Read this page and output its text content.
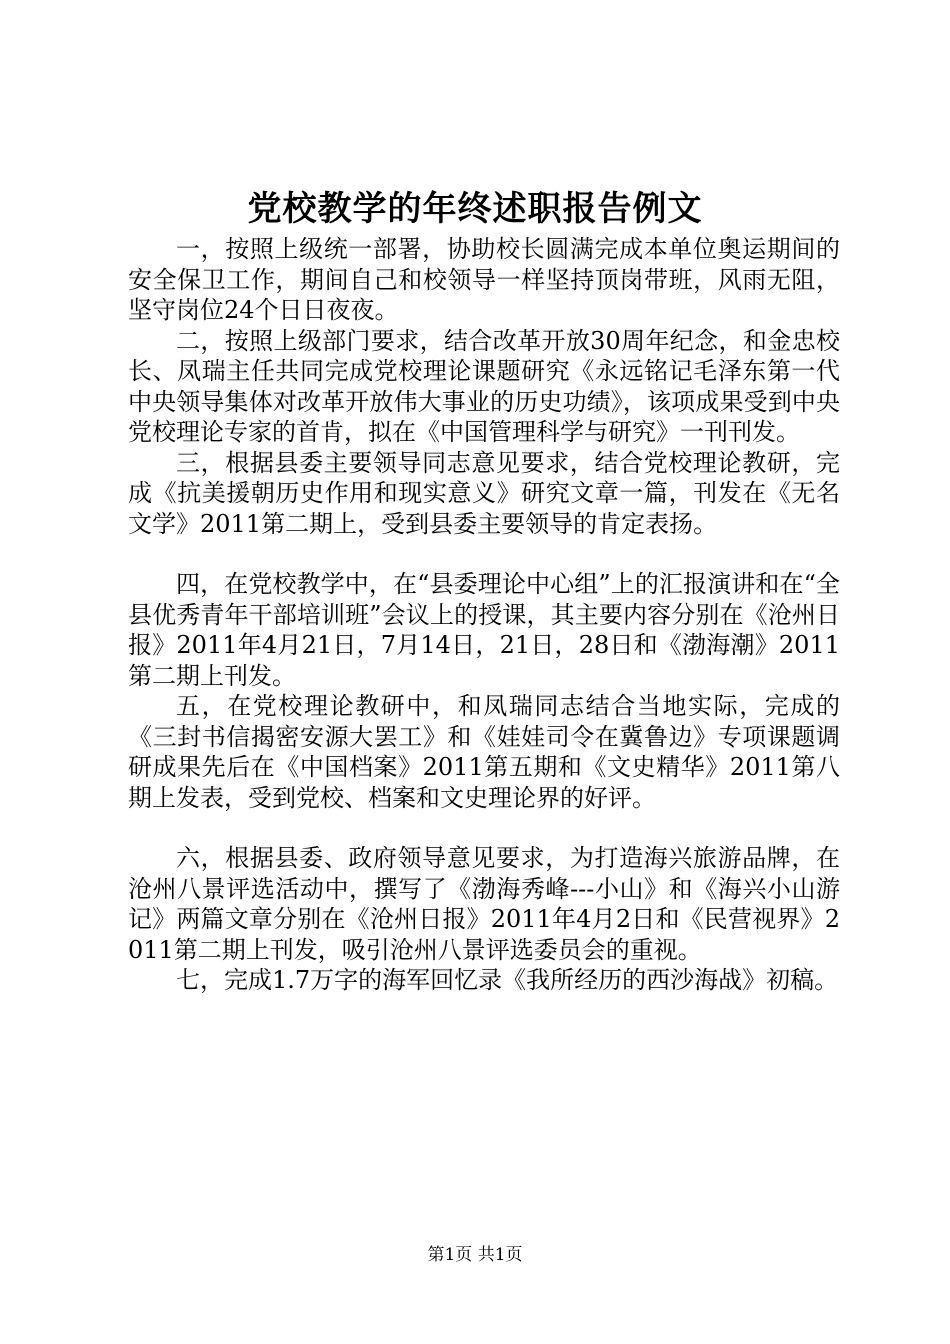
党校教学的年终述职报告例文

一，按照上级统一部署，协助校长圆满完成本单位奥运期间的安全保卫工作，期间自己和校领导一样坚持顶岗带班，风雨无阻，坚守岗位24个日日夜夜。

二，按照上级部门要求，结合改革开放30周年纪念，和金忠校长、凤瑞主任共同完成党校理论课题研究《永远铭记毛泽东第一代中央领导集体对改革开放伟大事业的历史功绩》，该项成果受到中央党校理论专家的首肯，拟在《中国管理科学与研究》一刊刊发。

三，根据县委主要领导同志意见要求，结合党校理论教研，完成《抗美援朝历史作用和现实意义》研究文章一篇，刊发在《无名文学》2011第二期上，受到县委主要领导的肯定表扬。

四，在党校教学中，在“县委理论中心组”上的汇报演讲和在“全县优秀青年干部培训班”会议上的授课，其主要内容分别在《沧州日报》2011年4月21日，7月14日，21日，28日和《渤海潮》2011第二期上刊发。

五，在党校理论教研中，和凤瑞同志结合当地实际，完成的《三封书信揭密安源大罢工》和《娃娃司令在冀鲁边》专项课题调研成果先后在《中国档案》2011第五期和《文史精华》2011第八期上发表，受到党校、档案和文史理论界的好评。

六，根据县委、政府领导意见要求，为打造海兴旅游品牌，在沧州八景评选活动中，撰写了《渤海秀峰---小山》和《海兴小山游记》两篇文章分别在《沧州日报》2011年4月2日和《民营视界》2011第二期上刊发，吸引沧州八景评选委员会的重视。

七，完成1.7万字的海军回忆录《我所经历的西沙海战》初稿。

第1页 共1页
